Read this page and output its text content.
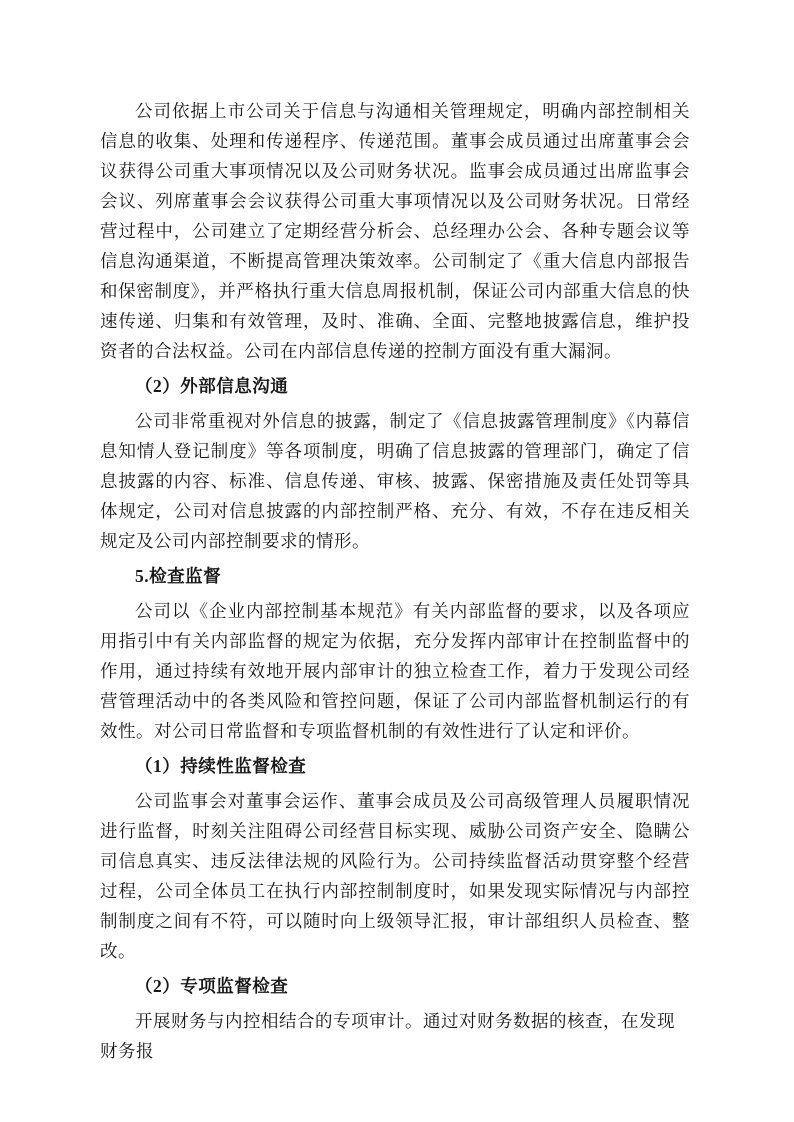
公司依据上市公司关于信息与沟通相关管理规定，明确内部控制相关信息的收集、处理和传递程序、传递范围。董事会成员通过出席董事会会议获得公司重大事项情况以及公司财务状况。监事会成员通过出席监事会会议、列席董事会会议获得公司重大事项情况以及公司财务状况。日常经营过程中，公司建立了定期经营分析会、总经理办公会、各种专题会议等信息沟通渠道，不断提高管理决策效率。公司制定了《重大信息内部报告和保密制度》，并严格执行重大信息周报机制，保证公司内部重大信息的快速传递、归集和有效管理，及时、准确、全面、完整地披露信息，维护投资者的合法权益。公司在内部信息传递的控制方面没有重大漏洞。

（2）外部信息沟通

公司非常重视对外信息的披露，制定了《信息披露管理制度》《内幕信息知情人登记制度》等各项制度，明确了信息披露的管理部门，确定了信息披露的内容、标准、信息传递、审核、披露、保密措施及责任处罚等具体规定，公司对信息披露的内部控制严格、充分、有效，不存在违反相关规定及公司内部控制要求的情形。

5.检查监督

公司以《企业内部控制基本规范》有关内部监督的要求，以及各项应用指引中有关内部监督的规定为依据，充分发挥内部审计在控制监督中的作用，通过持续有效地开展内部审计的独立检查工作，着力于发现公司经营管理活动中的各类风险和管控问题，保证了公司内部监督机制运行的有效性。对公司日常监督和专项监督机制的有效性进行了认定和评价。

（1）持续性监督检查

公司监事会对董事会运作、董事会成员及公司高级管理人员履职情况进行监督，时刻关注阻碍公司经营目标实现、威胁公司资产安全、隐瞒公司信息真实、违反法律法规的风险行为。公司持续监督活动贯穿整个经营过程，公司全体员工在执行内部控制制度时，如果发现实际情况与内部控制制度之间有不符，可以随时向上级领导汇报，审计部组织人员检查、整改。

（2）专项监督检查

开展财务与内控相结合的专项审计。通过对财务数据的核查，在发现财务报
